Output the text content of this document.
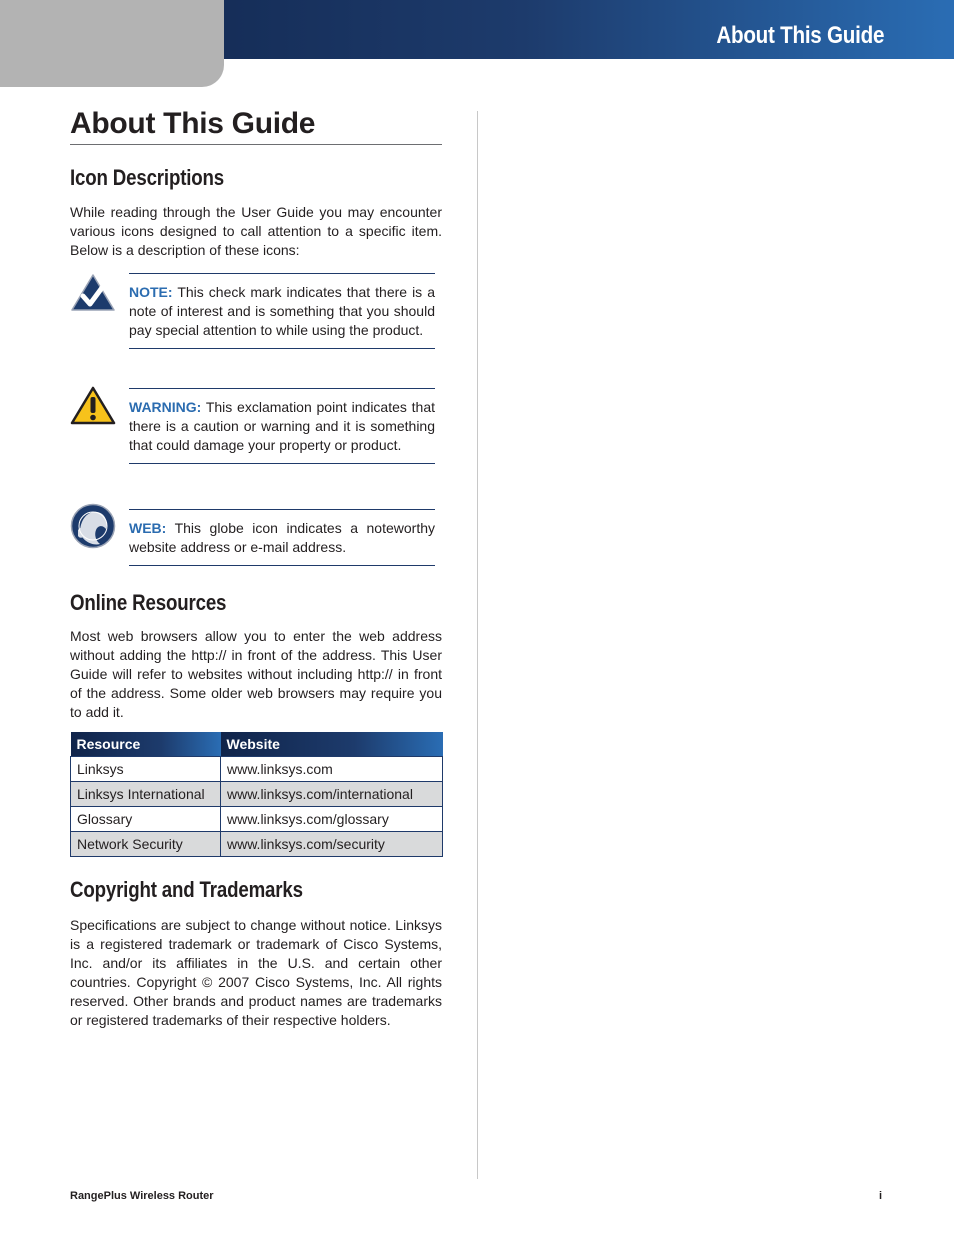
About This Guide
About This Guide
Icon Descriptions

While reading through the User Guide you may encounter various icons designed to call attention to a specific item. Below is a description of these icons:

NOTE: This check mark indicates that there is a note of interest and is something that you should pay special attention to while using the product.

WARNING: This exclamation point indicates that there is a caution or warning and it is something that could damage your property or product.

WEB: This globe icon indicates a noteworthy website address or e-mail address.

Online Resources

Most web browsers allow you to enter the web address without adding the http:// in front of the address. This User Guide will refer to websites without including http:// in front of the address. Some older web browsers may require you to add it.

Resource	Website
Linksys	www.linksys.com
Linksys International	www.linksys.com/international
Glossary	www.linksys.com/glossary
Network Security	www.linksys.com/security
Copyright and Trademarks

Specifications are subject to change without notice. Linksys is a registered trademark or trademark of Cisco Systems, Inc. and/or its affiliates in the U.S. and certain other countries. Copyright © 2007 Cisco Systems, Inc. All rights reserved. Other brands and product names are trademarks or registered trademarks of their respective holders.

RangePlus Wireless Router	i
